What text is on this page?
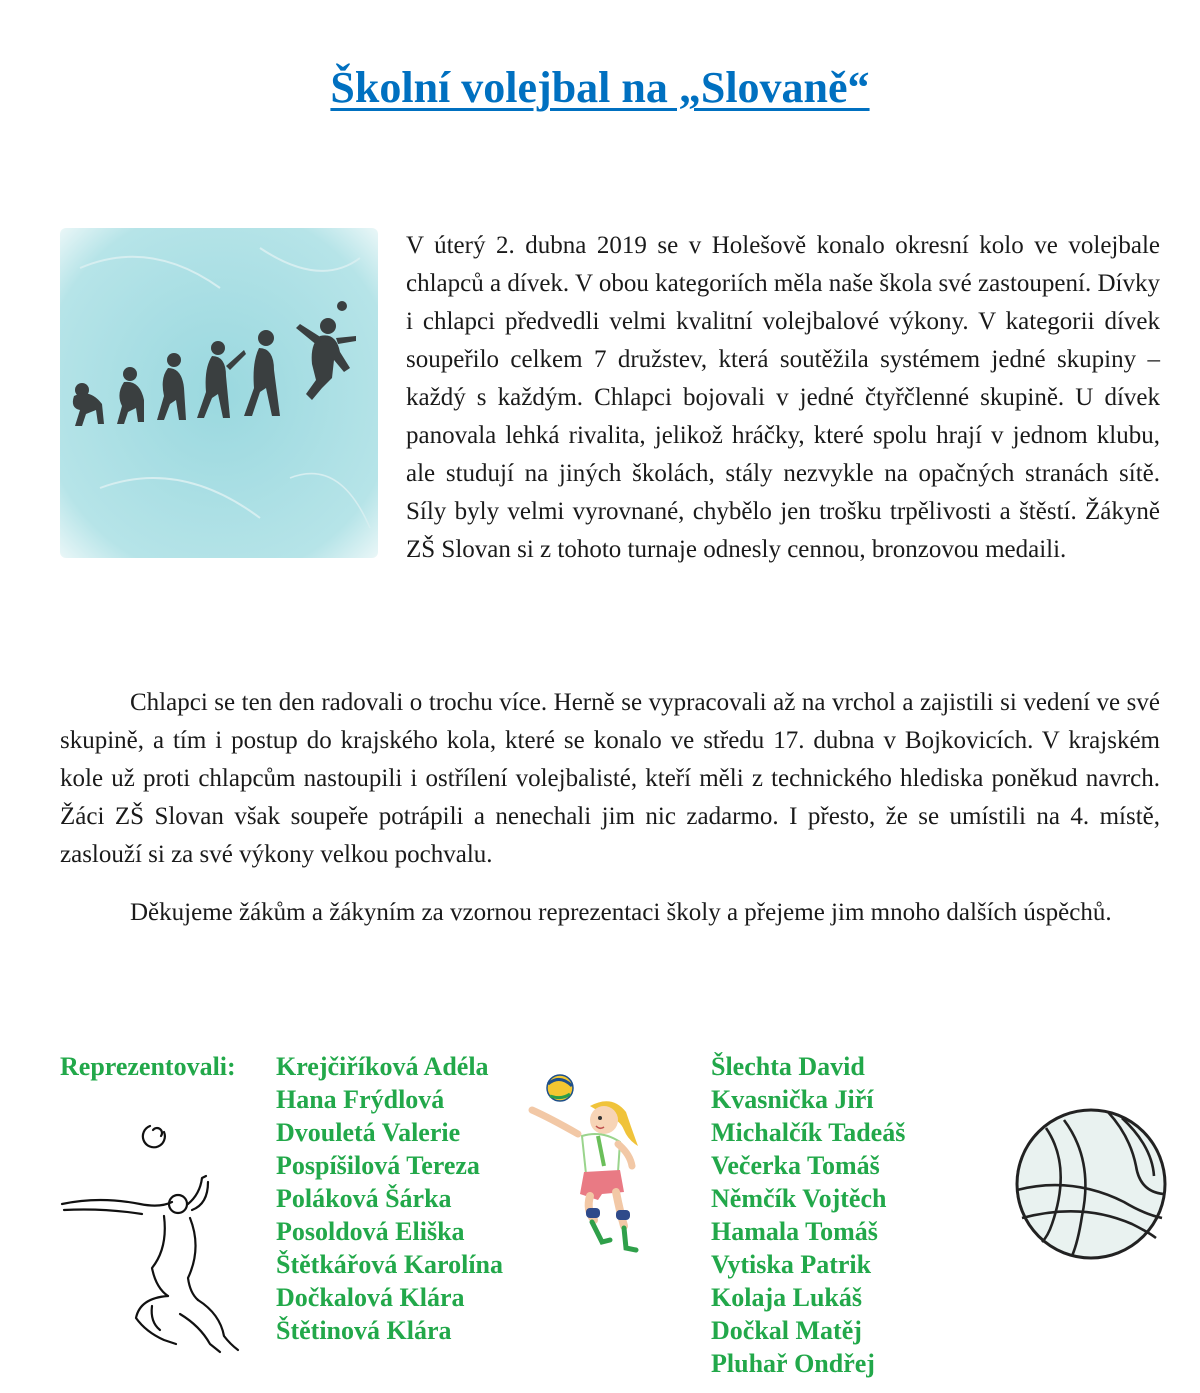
Školní volejbal na „Slovaně“

V úterý 2. dubna 2019 se v Holešově konalo okresní kolo ve volejbale chlapců a dívek. V obou kategoriích měla naše škola své zastoupení. Dívky i chlapci předvedli velmi kvalitní volejbalové výkony. V kategorii dívek soupeřilo celkem 7 družstev, která soutěžila systémem jedné skupiny – každý s každým. Chlapci bojovali v jedné čtyřčlenné skupině. U dívek panovala lehká rivalita, jelikož hráčky, které spolu hrají v jednom klubu, ale studují na jiných školách, stály nezvykle na opačných stranách sítě. Síly byly velmi vyrovnané, chybělo jen trošku trpělivosti a štěstí. Žákyně ZŠ Slovan si z tohoto turnaje odnesly cennou, bronzovou medaili.

Chlapci se ten den radovali o trochu více. Herně se vypracovali až na vrchol a zajistili si vedení ve své skupině, a tím i postup do krajského kola, které se konalo ve středu 17. dubna v Bojkovicích. V krajském kole už proti chlapcům nastoupili i ostřílení volejbalisté, kteří měli z technického hlediska poněkud navrch. Žáci ZŠ Slovan však soupeře potrápili a nenechali jim nic zadarmo. I přesto, že se umístili na 4. místě, zaslouží si za své výkony velkou pochvalu.

Děkujeme žákům a žákyním za vzornou reprezentaci školy a přejeme jim mnoho dalších úspěchů.

Reprezentovali: Krejčiříková Adéla
Hana Frýdlová
Dvouletá Valerie
Pospíšilová Tereza
Poláková Šárka
Posoldová Eliška
Štětkářová Karolína
Dočkalová Klára
Štětinová Klára
Šlechta David
Kvasnička Jiří
Michalčík Tadeáš
Večerka Tomáš
Němčík Vojtěch
Hamala Tomáš
Vytiska Patrik
Kolaja Lukáš
Dočkal Matěj
Pluhař Ondřej
